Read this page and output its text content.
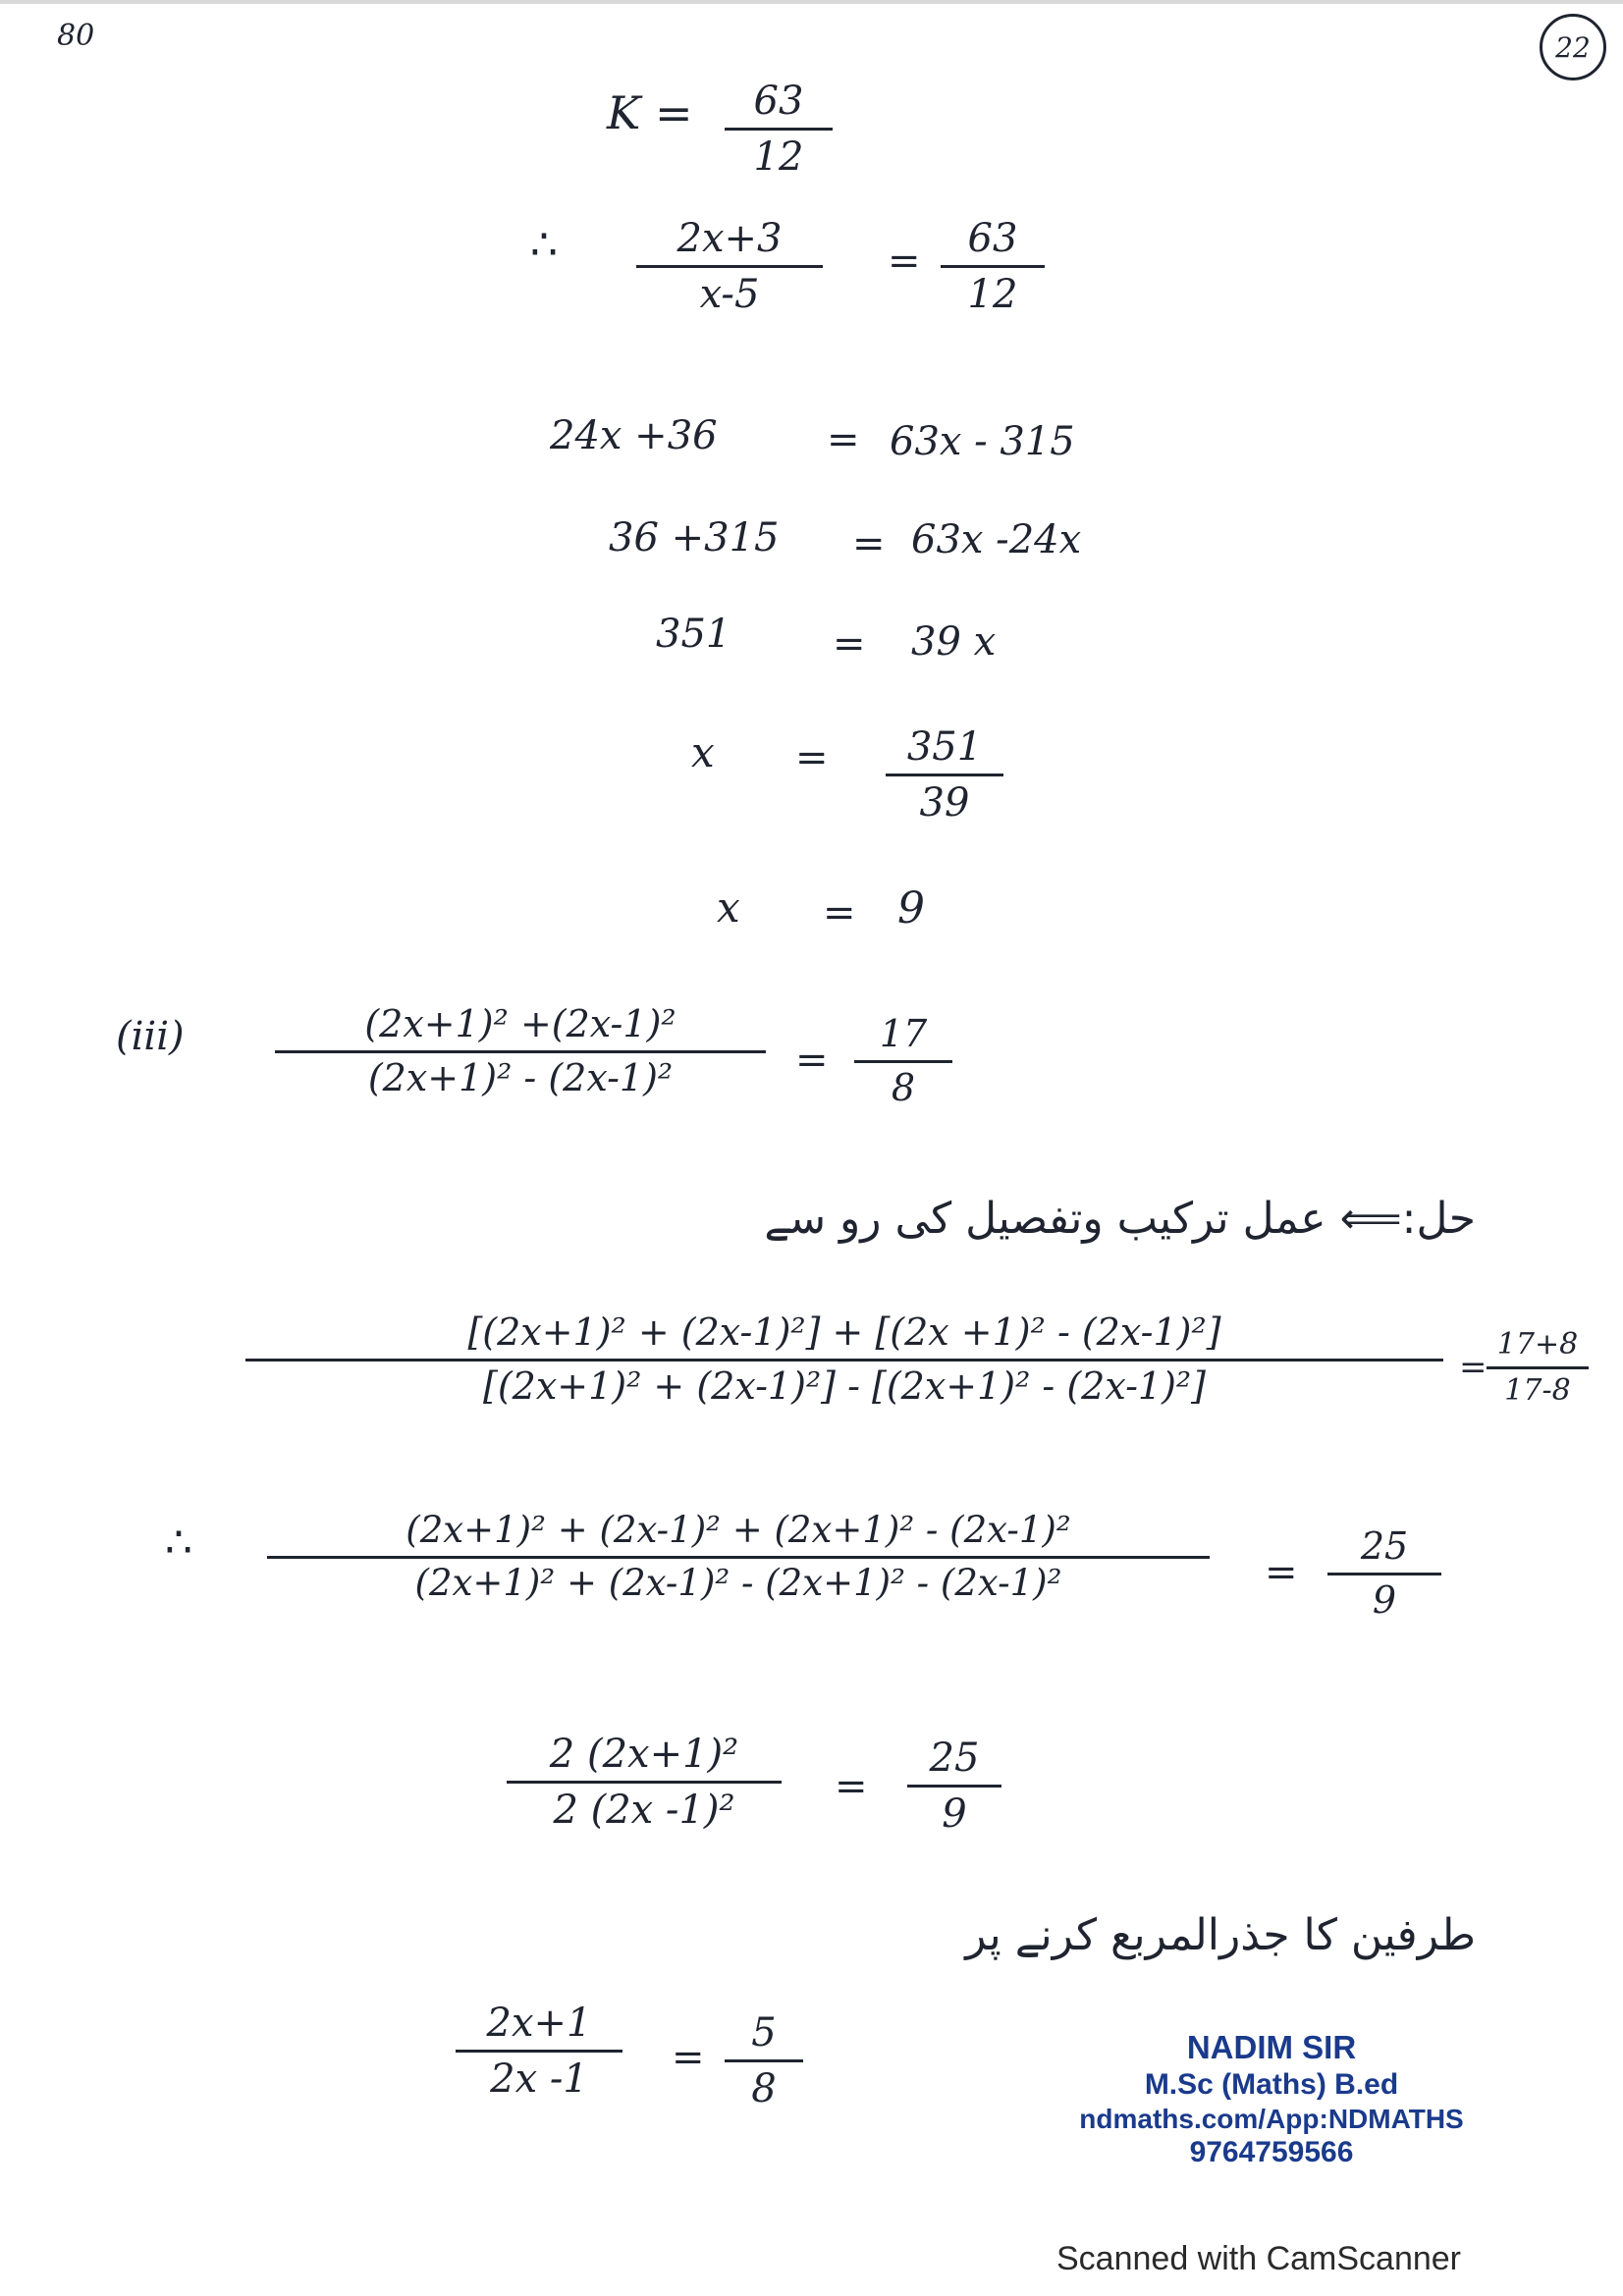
80	22
K = 63
12
∴	2x+3
x-5
= 63
12
24x +36	= 63x - 315
36 +315 = 63x -24x
351	= 39 x
x = 351
39
x = 9
(iii)	(2x+1)² +(2x-1)²
(2x+1)² - (2x-1)²	=
17
8
حل:⟸ عمل ترکیب وتفصیل کی رو سے
[(2x+1)² + (2x-1)²] + [(2x +1)² - (2x-1)²]
[(2x+1)² + (2x-1)²] - [(2x+1)² - (2x-1)²]	=
17+8
17-8
∴	(2x+1)² + (2x-1)² + (2x+1)² - (2x-1)²
(2x+1)² + (2x-1)² - (2x+1)² - (2x-1)²	=
25
9
2 (2x+1)²
2 (2x -1)²
=
25
9
طرفین کا جذرالمربع کرنے پر
2x+1
2x -1 =
5
8
NADIM SIR
M.Sc (Maths) B.ed
ndmaths.com/App:NDMATHS
9764759566
Scanned with CamScanner
